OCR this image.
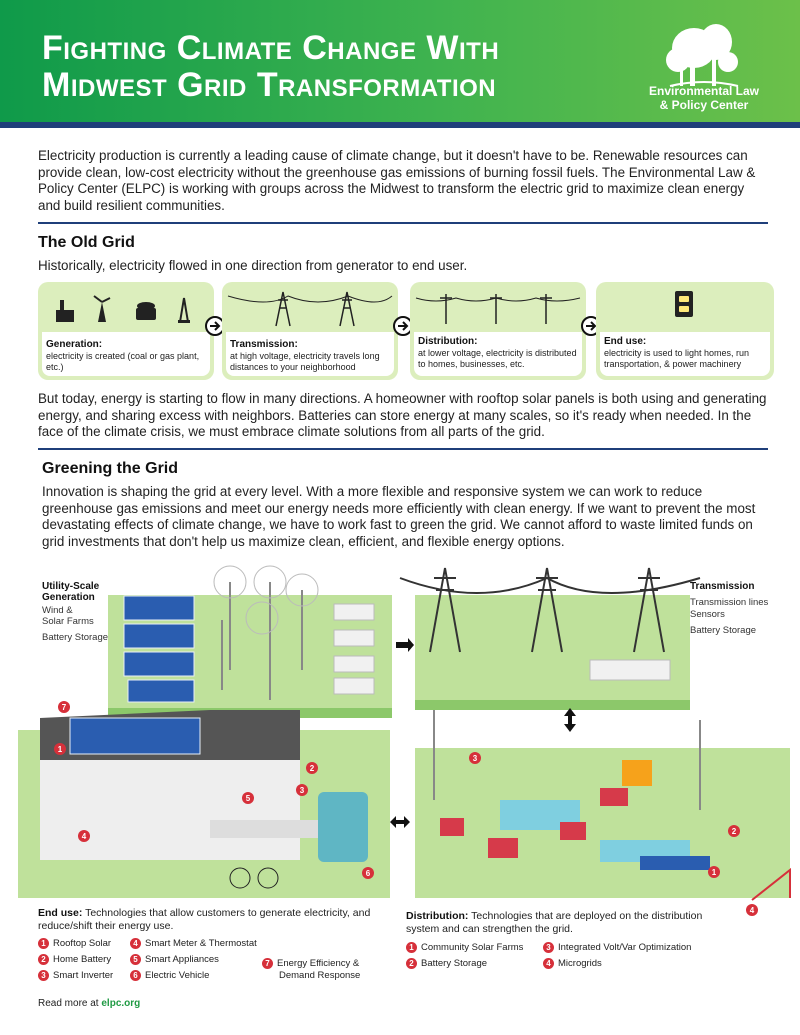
Fighting Climate Change With
Midwest Grid Transformation	Environmental Law
& Policy Center
Electricity production is currently a leading cause of climate change, but it doesn't have to be. Renewable resources can provide clean, low-cost electricity without the greenhouse gas emissions of burning fossil fuels. The Environmental Law & Policy Center (ELPC) is working with groups across the Midwest to transform the electric grid to maximize clean energy and build resilient communities.
The Old Grid
Historically, electricity flowed in one direction from generator to end user.
Generation:
electricity is created (coal or gas plant, etc.)
Transmission:
at high voltage, electricity travels long distances to your neighborhood
Distribution:
at lower voltage, electricity is distributed to homes, businesses, etc.
End use:
electricity is used to light homes, run transportation, & power machinery
But today, energy is starting to flow in many directions. A homeowner with rooftop solar panels is both using and generating energy, and sharing excess with neighbors. Batteries can store energy at many scales, so it's ready when needed. In the face of the climate crisis, we must embrace climate solutions from all parts of the grid.
Greening the Grid
Innovation is shaping the grid at every level. With a more flexible and responsive system we can work to reduce greenhouse gas emissions and meet our energy needs more efficiently with clean energy. If we want to prevent the most devastating effects of climate change, we have to work fast to green the grid. We cannot afford to waste limited funds on grid investments that don't help us maximize clean, efficient, and flexible energy options.
1
2
3
4
5
6
7
1
2
3
4
Utility-Scale
Generation
Wind &
Solar Farms
Battery Storage
Transmission
Transmission lines
Sensors
Battery Storage
End use: Technologies that allow customers to generate electricity, and reduce/shift their energy use.
1 Rooftop Solar
2 Home Battery
3 Smart Inverter
4 Smart Meter & Thermostat
5 Smart Appliances
6 Electric Vehicle
7 Energy Efficiency &
Demand Response
Distribution: Technologies that are deployed on the distribution system and can strengthen the grid.
1 Community Solar Farms
2 Battery Storage
3 Integrated Volt/Var Optimization
4 Microgrids
Read more at elpc.org
